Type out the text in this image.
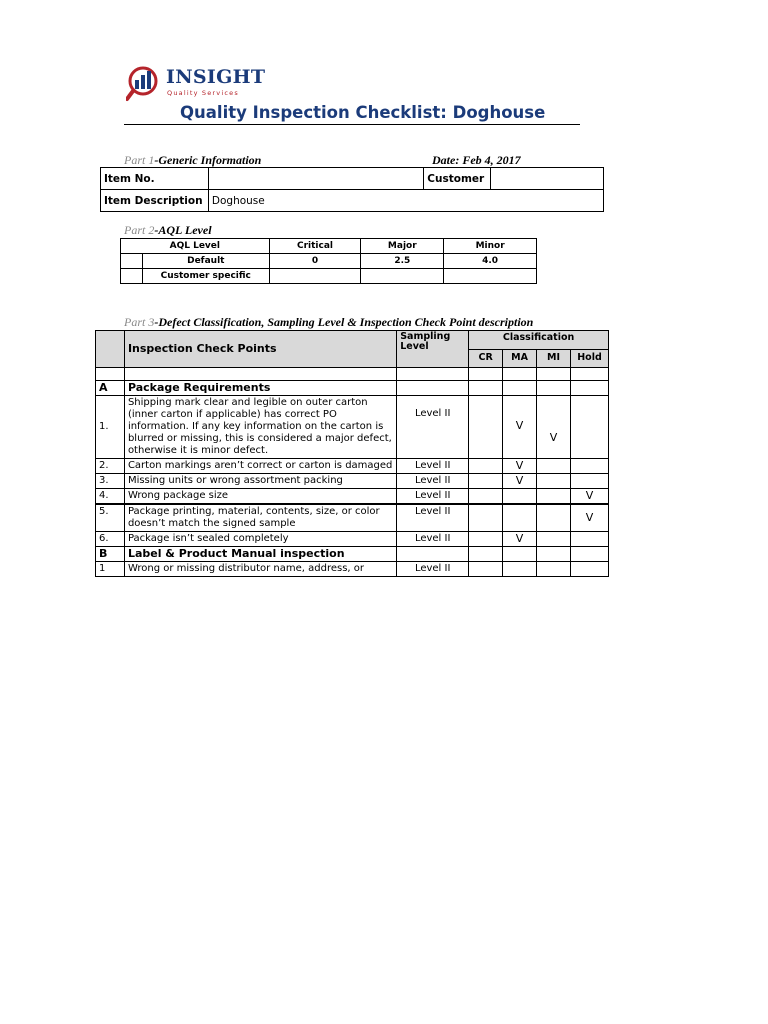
INSIGHT
Quality Services
Quality Inspection Checklist: Doghouse
Part 1-Generic Information	Date: Feb 4, 2017
Item No.		Customer	
Item Description	Doghouse		
Part 2-AQL Level
AQL Level		Critical	Major	Minor
	Default	0	2.5	4.0
	Customer specific			
Part 3-Defect Classification, Sampling Level & Inspection Check Point description
	Inspection Check Points	Sampling Level	Classification			
			CR	MA	MI	Hold

A	Package Requirements					
1.	Shipping mark clear and legible on outer carton (inner carton if applicable) has correct PO information. If any key information on the carton is blurred or missing, this is considered a major defect, otherwise it is minor defect.	Level II		V	V	
2.	Carton markings aren’t correct or carton is damaged	Level II		V		
3.	Missing units or wrong assortment packing	Level II		V		
4.	Wrong package size	Level II				V
5.	Package printing, material, contents, size, or color doesn’t match the signed sample	Level II				V
6.	Package isn’t sealed completely	Level II		V		
B	Label & Product Manual inspection					
1	Wrong or missing distributor name, address, or	Level II				
